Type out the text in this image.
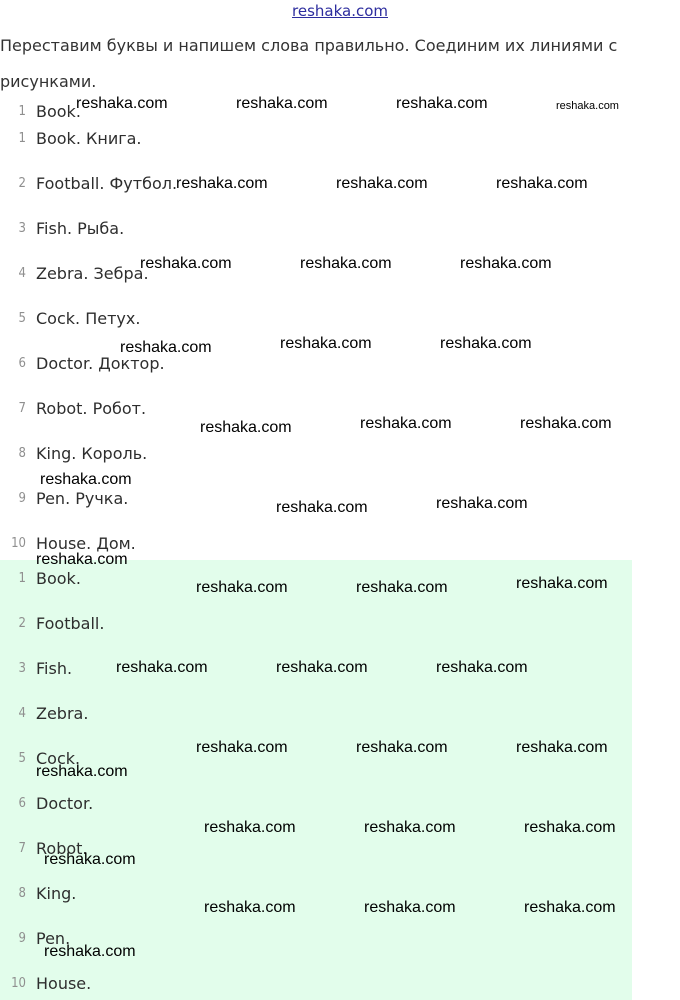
reshaka.com
Переставим буквы и напишем слова правильно. Соединим их линиями с рисунками.
1 Book.
1 Book. Книга.
2 Football. Футбол.
3 Fish. Рыба.
4 Zebra. Зебра.
5 Cock. Петух.
6 Doctor. Доктор.
7 Robot. Робот.
8 King. Король.
9 Pen. Ручка.
10 House. Дом.
1 Book.
2 Football.
3 Fish.
4 Zebra.
5 Cock.
6 Doctor.
7 Robot.
8 King.
9 Pen.
10 House.
reshaka.com	reshaka.com	reshaka.com	reshaka.com
reshaka.com	reshaka.com	reshaka.com
reshaka.com	reshaka.com	reshaka.com
reshaka.com	reshaka.com	reshaka.com
reshaka.com	reshaka.com	reshaka.com
reshaka.com
reshaka.com	reshaka.com
reshaka.com
reshaka.com	reshaka.com	reshaka.com
reshaka.com	reshaka.com	reshaka.com
reshaka.com	reshaka.com	reshaka.com
reshaka.com
reshaka.com	reshaka.com	reshaka.com
reshaka.com
reshaka.com	reshaka.com	reshaka.com
reshaka.com
